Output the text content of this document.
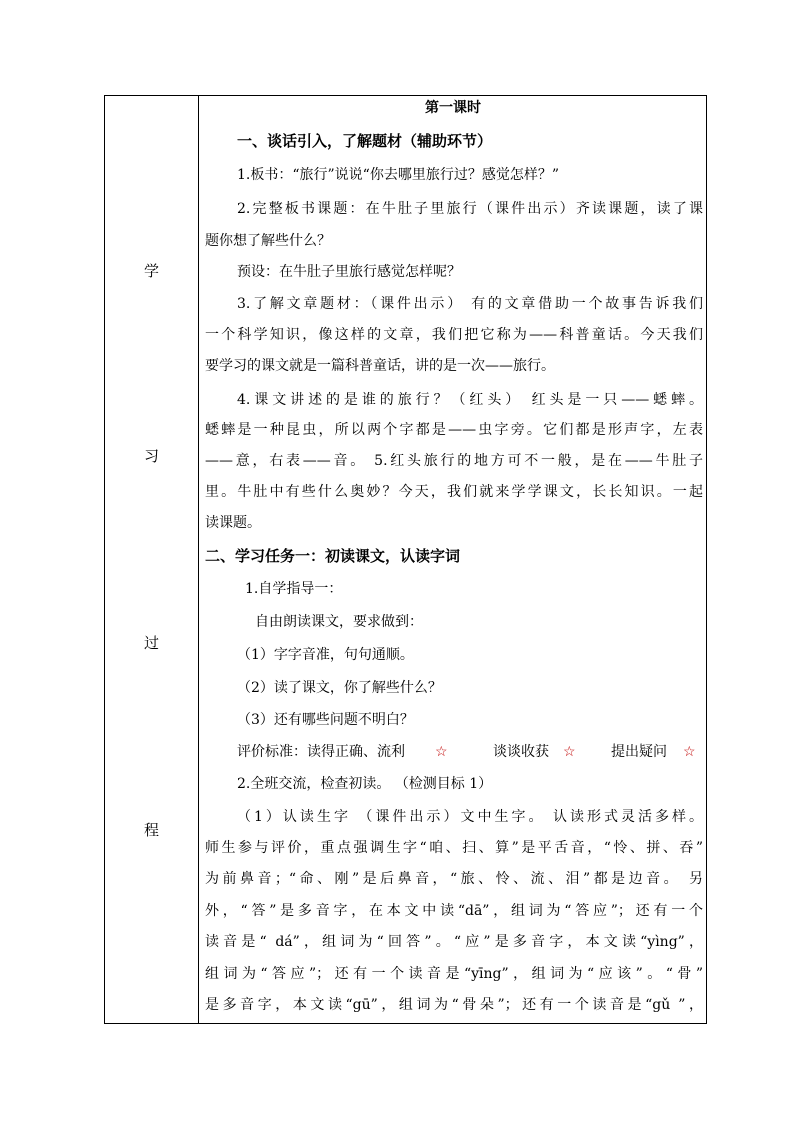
学
习
过
程
第一课时
一、谈话引入，了解题材（辅助环节）
1.板书：“旅行”说说“你去哪里旅行过？感觉怎样？”
2.完整板书课题：在牛肚子里旅行（课件出示）齐读课题，读了课
题你想了解些什么？
预设：在牛肚子里旅行感觉怎样呢？
3.了解文章题材：（课件出示） 有的文章借助一个故事告诉我们
一个科学知识，像这样的文章，我们把它称为——科普童话。今天我们
要学习的课文就是一篇科普童话，讲的是一次——旅行。
4.课文讲述的是谁的旅行？（红头） 红头是一只——蟋蟀。
蟋蟀是一种昆虫，所以两个字都是——虫字旁。它们都是形声字，左表
——意，右表——音。 5.红头旅行的地方可不一般，是在——牛肚子
里。牛肚中有些什么奥妙？今天，我们就来学学课文，长长知识。一起
读课题。
二、学习任务一：初读课文，认读字词
1.自学指导一：
自由朗读课文，要求做到：
（1）字字音准，句句通顺。
（2）读了课文，你了解些什么？
（3）还有哪些问题不明白？
评价标准：读得正确、流利 ☆	谈谈收获 ☆	提出疑问 ☆
2.全班交流，检查初读。 （检测目标 1）
（1）认读生字 （课件出示）文中生字。 认读形式灵活多样。
师生参与评价，重点强调生字“咱、扫、算”是平舌音，“怜、拼、吞”
为前鼻音；“命、刚”是后鼻音，“旅、怜、流、泪”都是边音。 另
外，“答”是多音字，在本文中读“dā”，组词为“答应”；还有一个
读音是“ dá”，组词为“回答”。“应”是多音字，本文读“yìng”，
组词为“答应”；还有一个读音是“yīng”，组词为“应该”。“骨”
是多音字，本文读“gū”，组词为“骨朵”；还有一个读音是“gǔ ”，
